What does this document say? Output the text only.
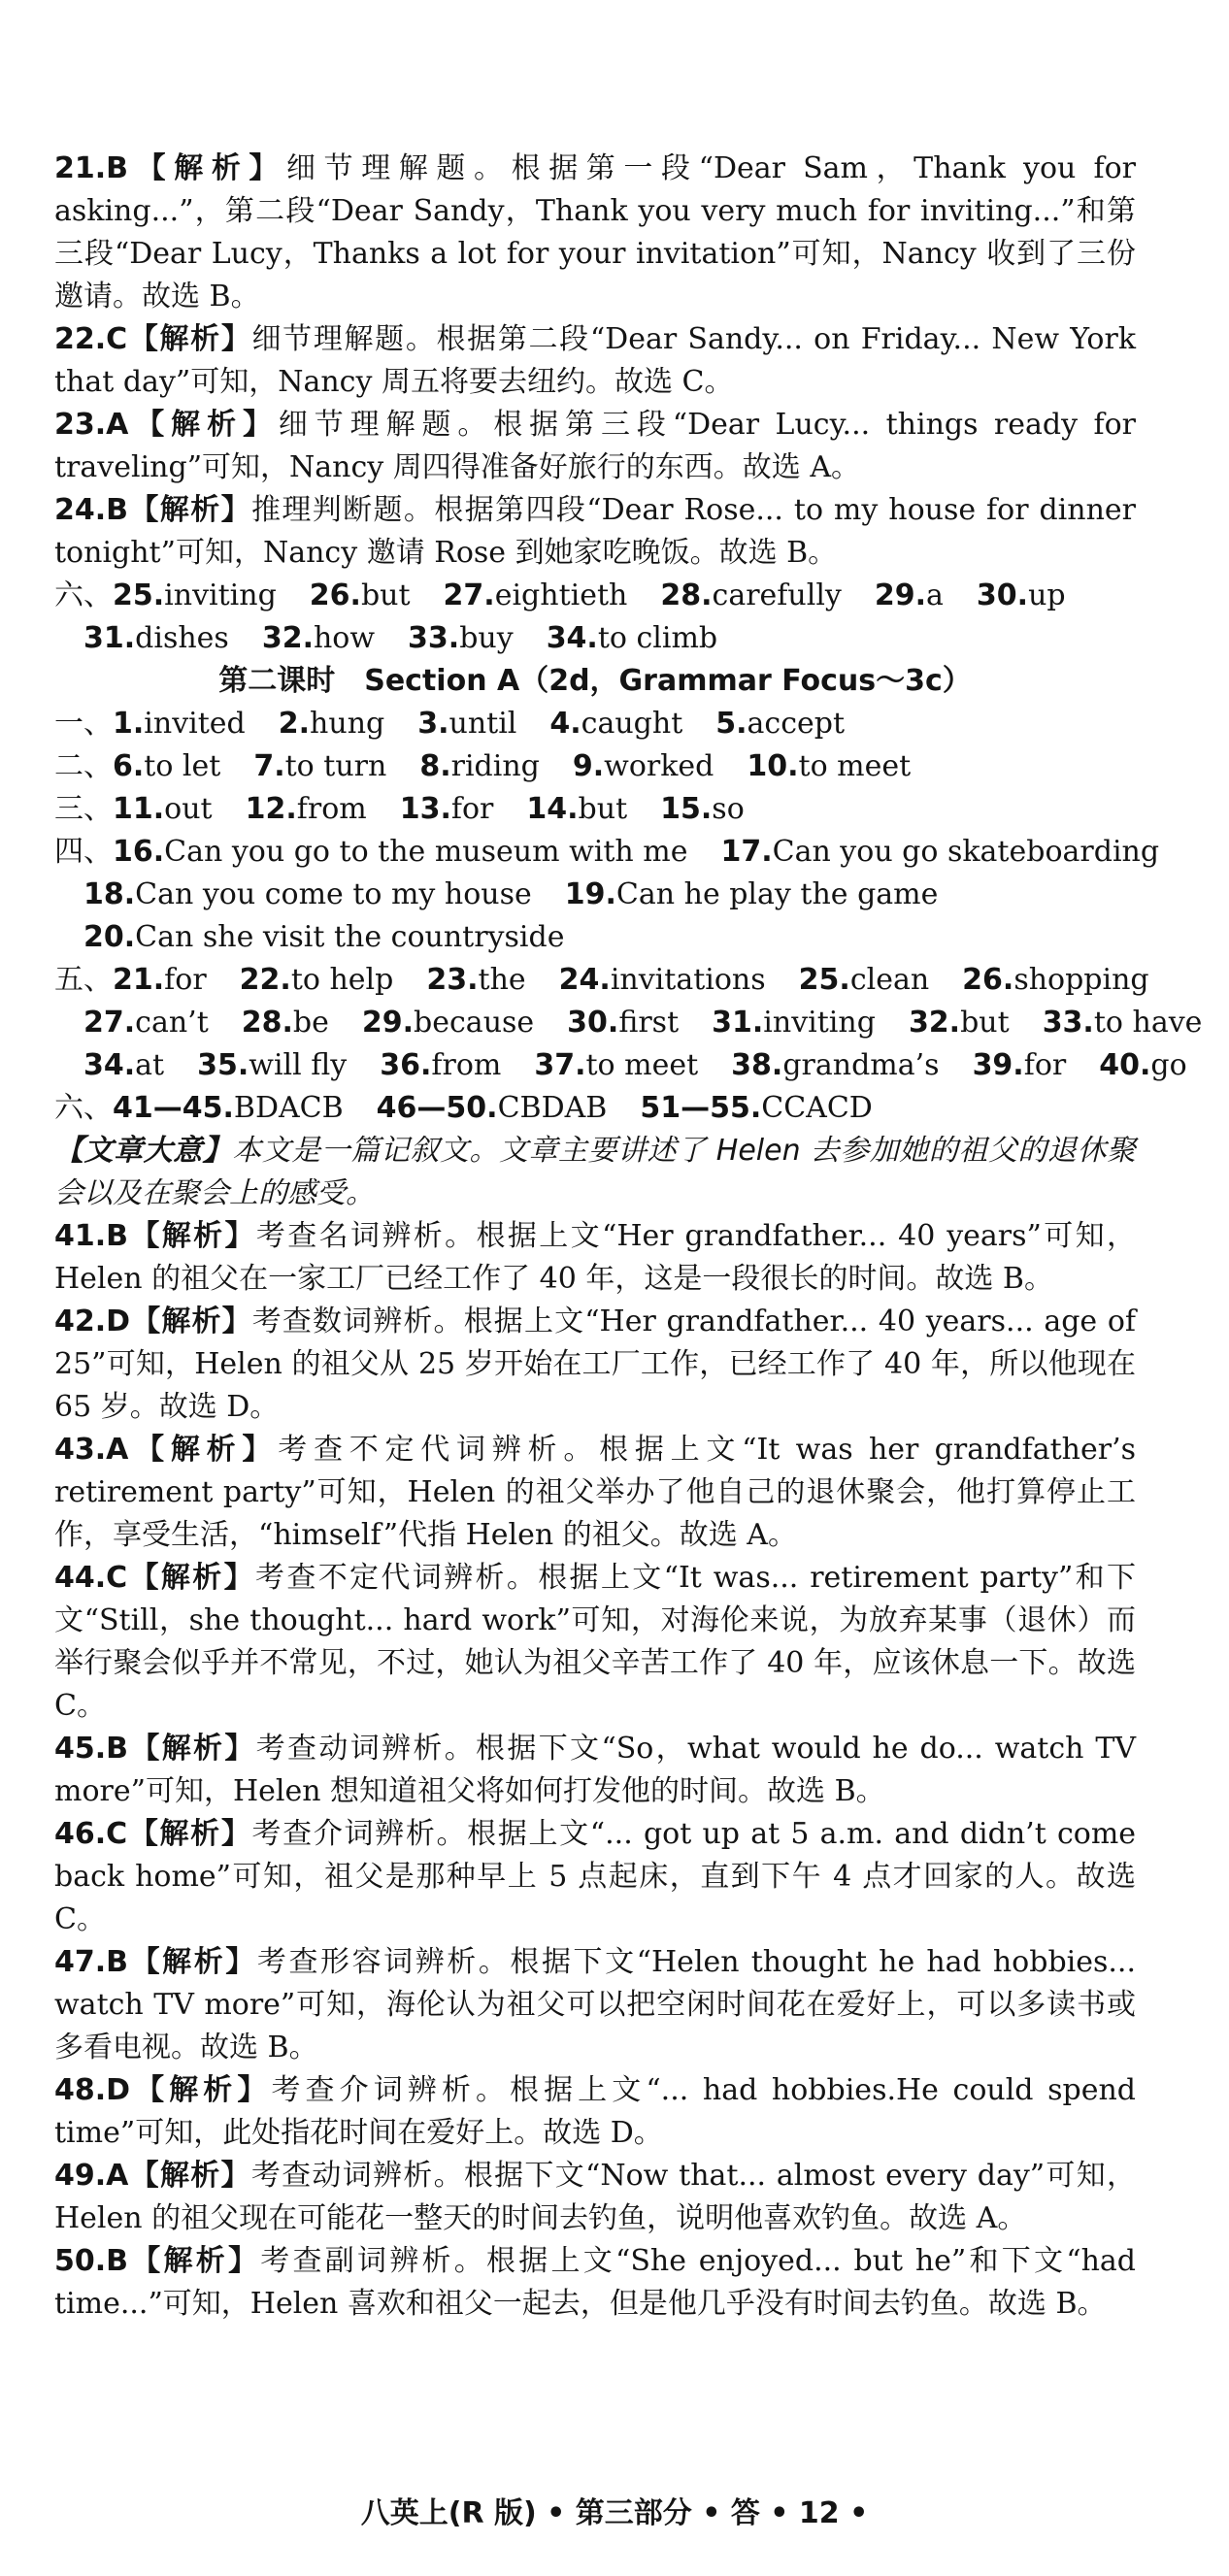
21.B【解析】细节理解题。根据第一段“Dear Sam，Thank you for asking...”，第二段“Dear Sandy，Thank you very much for inviting...”和第三段“Dear Lucy，Thanks a lot for your invitation”可知，Nancy 收到了三份邀请。故选 B。

22.C【解析】细节理解题。根据第二段“Dear Sandy... on Friday... New York that day”可知，Nancy 周五将要去纽约。故选 C。

23.A【解析】细节理解题。根据第三段“Dear Lucy... things ready for traveling”可知，Nancy 周四得准备好旅行的东西。故选 A。

24.B【解析】推理判断题。根据第四段“Dear Rose... to my house for dinner tonight”可知，Nancy 邀请 Rose 到她家吃晚饭。故选 B。

六、25.inviting 26.but 27.eightieth 28.carefully 29.a 30.up
31.dishes 32.how 33.buy 34.to climb
第二课时　Section A（2d，Grammar Focus～3c）
一、1.invited 2.hung 3.until 4.caught 5.accept
二、6.to let 7.to turn 8.riding 9.worked 10.to meet
三、11.out 12.from 13.for 14.but 15.so
四、16.Can you go to the museum with me 17.Can you go skateboarding
18.Can you come to my house 19.Can he play the game
20.Can she visit the countryside
五、21.for 22.to help 23.the 24.invitations 25.clean 26.shopping
27.can’t 28.be 29.because 30.first 31.inviting 32.but 33.to have
34.at 35.will fly 36.from 37.to meet 38.grandma’s 39.for 40.go
六、41—45.BDACB 46—50.CBDAB 51—55.CCACD

【文章大意】本文是一篇记叙文。文章主要讲述了 Helen 去参加她的祖父的退休聚会以及在聚会上的感受。

41.B【解析】考查名词辨析。根据上文“Her grandfather... 40 years”可知，Helen 的祖父在一家工厂已经工作了 40 年，这是一段很长的时间。故选 B。

42.D【解析】考查数词辨析。根据上文“Her grandfather... 40 years... age of 25”可知，Helen 的祖父从 25 岁开始在工厂工作，已经工作了 40 年，所以他现在 65 岁。故选 D。

43.A【解析】考查不定代词辨析。根据上文“It was her grandfather’s retirement party”可知，Helen 的祖父举办了他自己的退休聚会，他打算停止工作，享受生活，“himself”代指 Helen 的祖父。故选 A。

44.C【解析】考查不定代词辨析。根据上文“It was... retirement party”和下文“Still，she thought... hard work”可知，对海伦来说，为放弃某事（退休）而举行聚会似乎并不常见，不过，她认为祖父辛苦工作了 40 年，应该休息一下。故选 C。

45.B【解析】考查动词辨析。根据下文“So，what would he do... watch TV more”可知，Helen 想知道祖父将如何打发他的时间。故选 B。

46.C【解析】考查介词辨析。根据上文“... got up at 5 a.m. and didn’t come back home”可知，祖父是那种早上 5 点起床，直到下午 4 点才回家的人。故选 C。

47.B【解析】考查形容词辨析。根据下文“Helen thought he had hobbies... watch TV more”可知，海伦认为祖父可以把空闲时间花在爱好上，可以多读书或多看电视。故选 B。

48.D【解析】考查介词辨析。根据上文“... had hobbies.He could spend time”可知，此处指花时间在爱好上。故选 D。

49.A【解析】考查动词辨析。根据下文“Now that... almost every day”可知，Helen 的祖父现在可能花一整天的时间去钓鱼，说明他喜欢钓鱼。故选 A。

50.B【解析】考查副词辨析。根据上文“She enjoyed... but he”和下文“had time...”可知，Helen 喜欢和祖父一起去，但是他几乎没有时间去钓鱼。故选 B。

八英上(R 版) • 第三部分 • 答 • 12 •
